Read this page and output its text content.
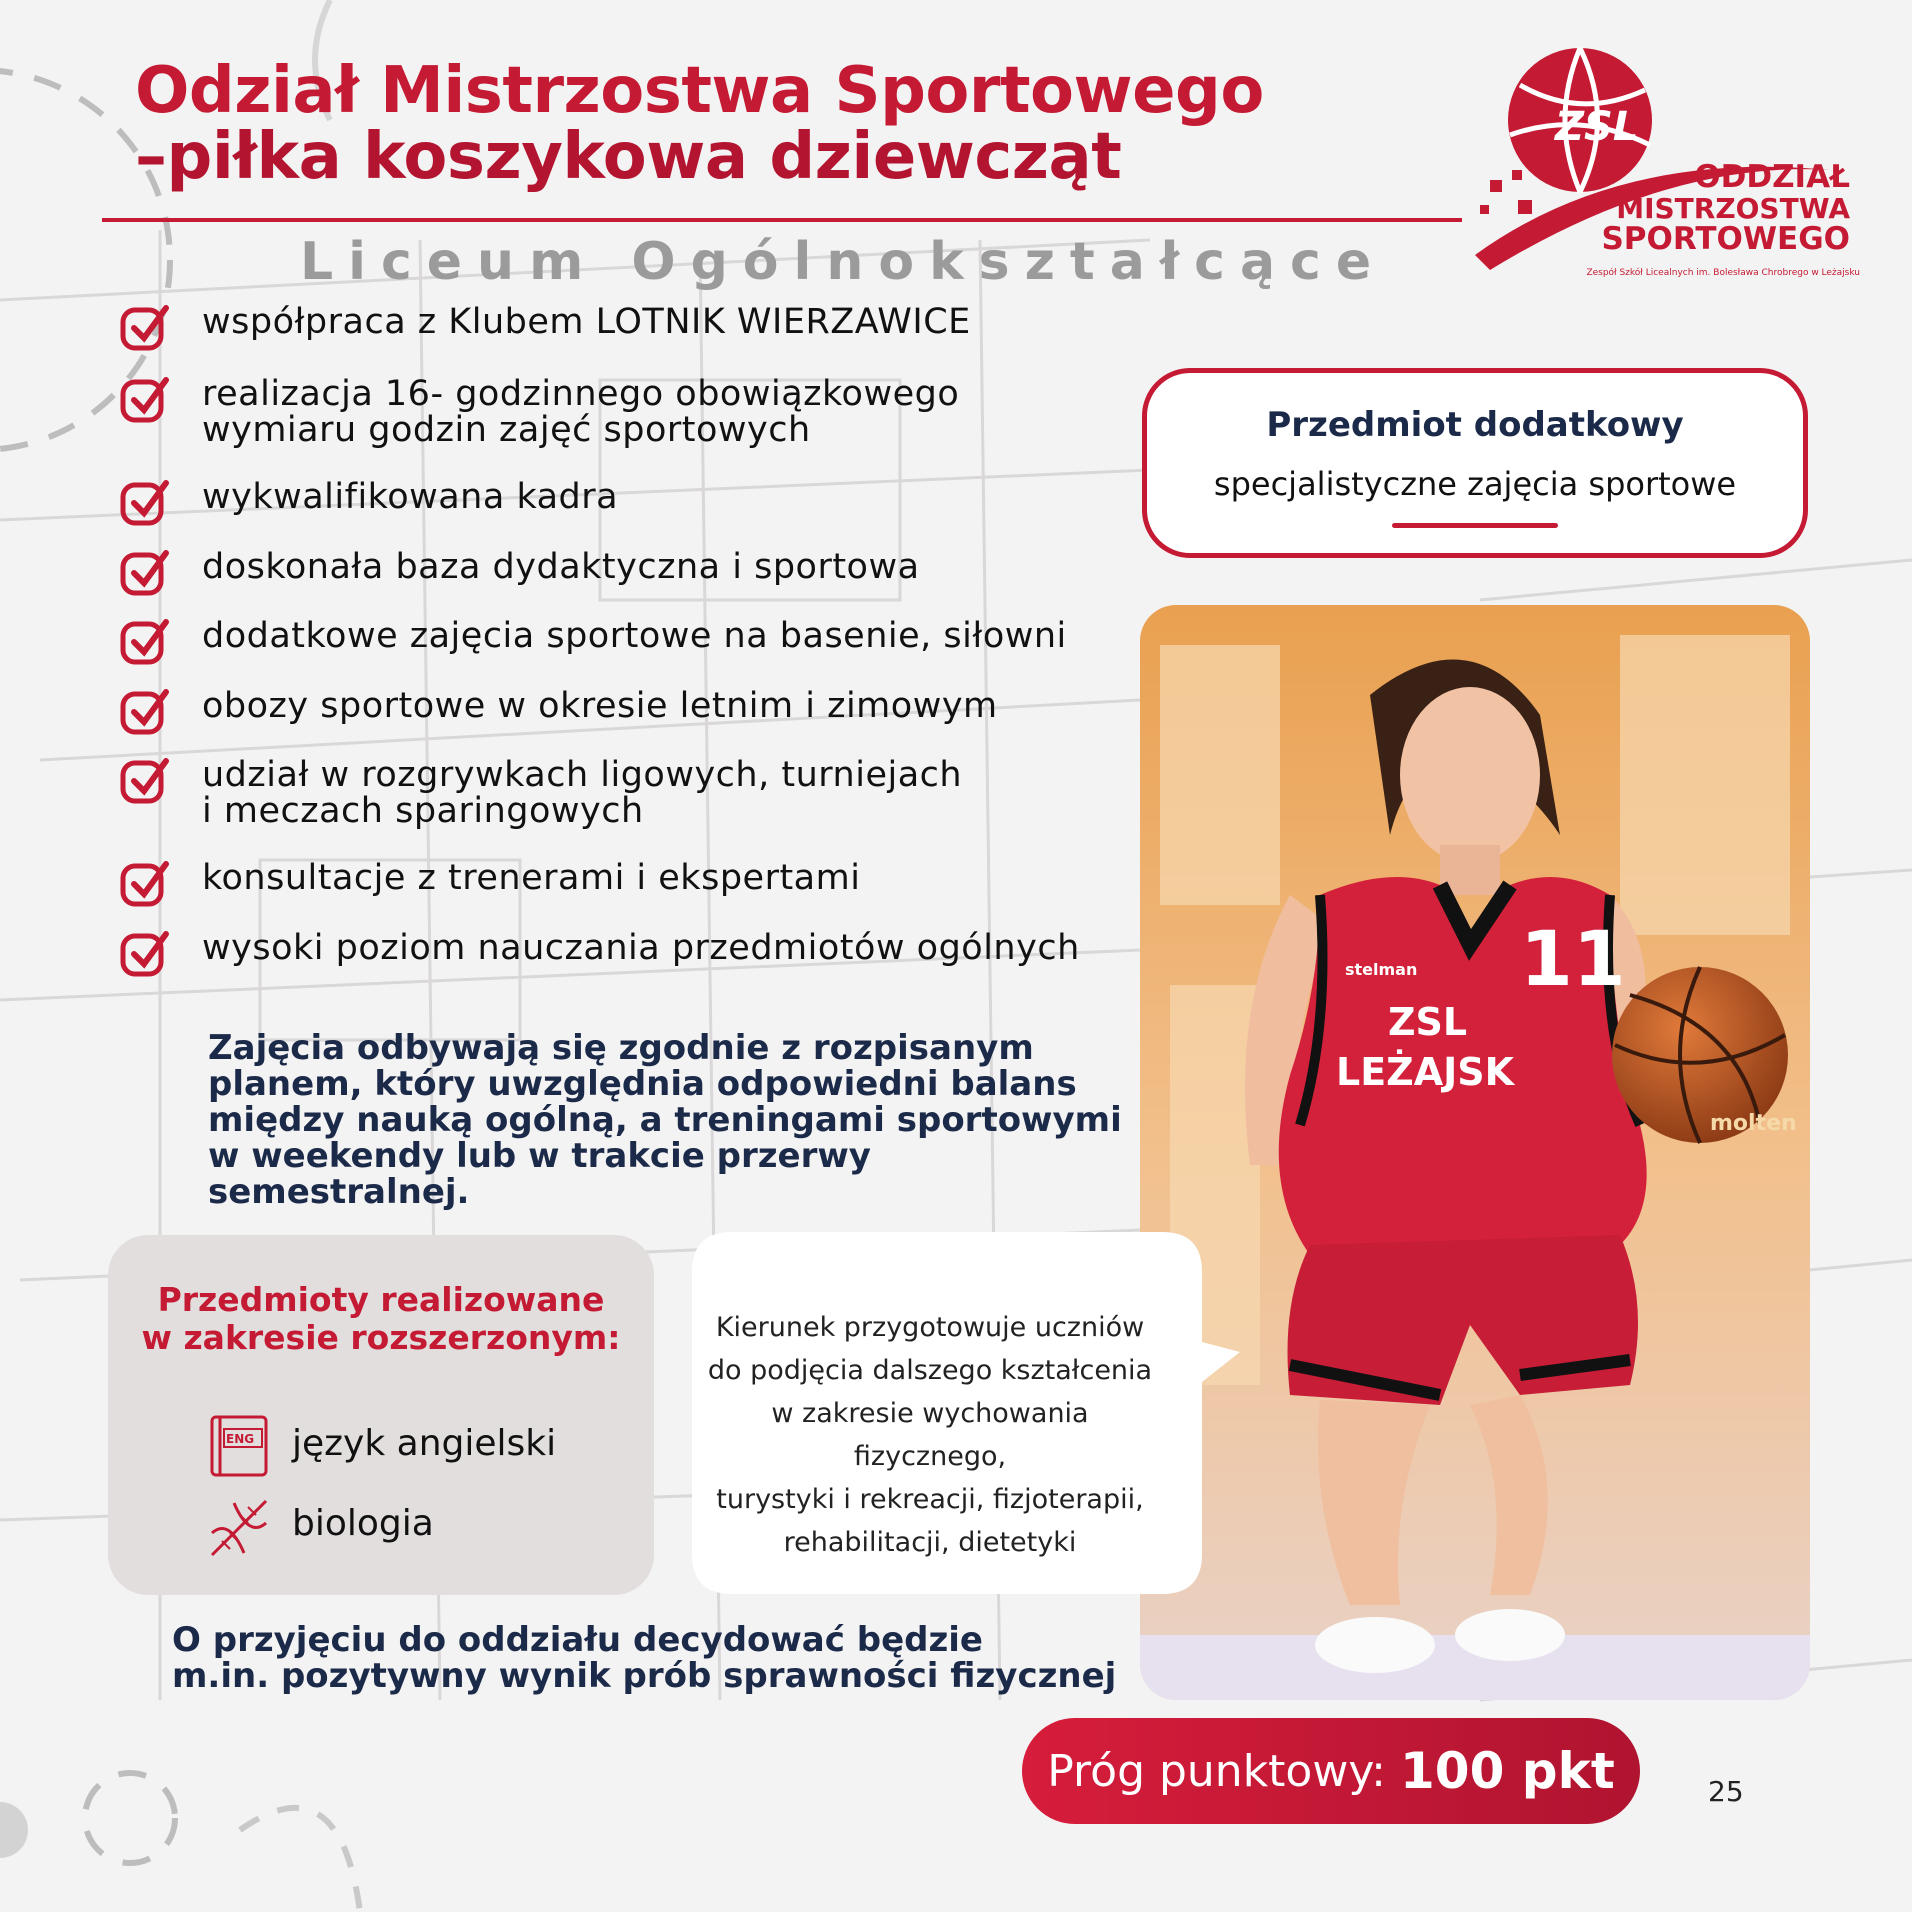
Odział Mistrzostwa Sportowego
–piłka koszykowa dziewcząt
Liceum Ogólnokształcące
ZSL
ODDZIAŁ
MISTRZOSTWA
SPORTOWEGO
Zespół Szkół Licealnych im. Bolesława Chrobrego w Leżajsku
współpraca z Klubem LOTNIK WIERZAWICE
realizacja 16- godzinnego obowiązkowego
wymiaru godzin zajęć sportowych
wykwalifikowana kadra
doskonała baza dydaktyczna i sportowa
dodatkowe zajęcia sportowe na basenie, siłowni
obozy sportowe w okresie letnim i zimowym
udział w rozgrywkach ligowych, turniejach
i meczach sparingowych
konsultacje z trenerami i ekspertami
wysoki poziom nauczania przedmiotów ogólnych
Przedmiot dodatkowy
specjalistyczne zajęcia sportowe
11
stelman
ZSL
LEŻAJSK
molten
Zajęcia odbywają się zgodnie z rozpisanym
planem, który uwzględnia odpowiedni balans
między nauką ogólną, a treningami sportowymi
w weekendy lub w trakcie przerwy semestralnej.
Przedmioty realizowane
w zakresie rozszerzonym:
ENG język angielski
biologia
Kierunek przygotowuje uczniów
do podjęcia dalszego kształcenia
w zakresie wychowania fizycznego,
turystyki i rekreacji, fizjoterapii,
rehabilitacji, dietetyki
O przyjęciu do oddziału decydować będzie
m.in. pozytywny wynik prób sprawności fizycznej
Próg punktowy: 100 pkt	25
